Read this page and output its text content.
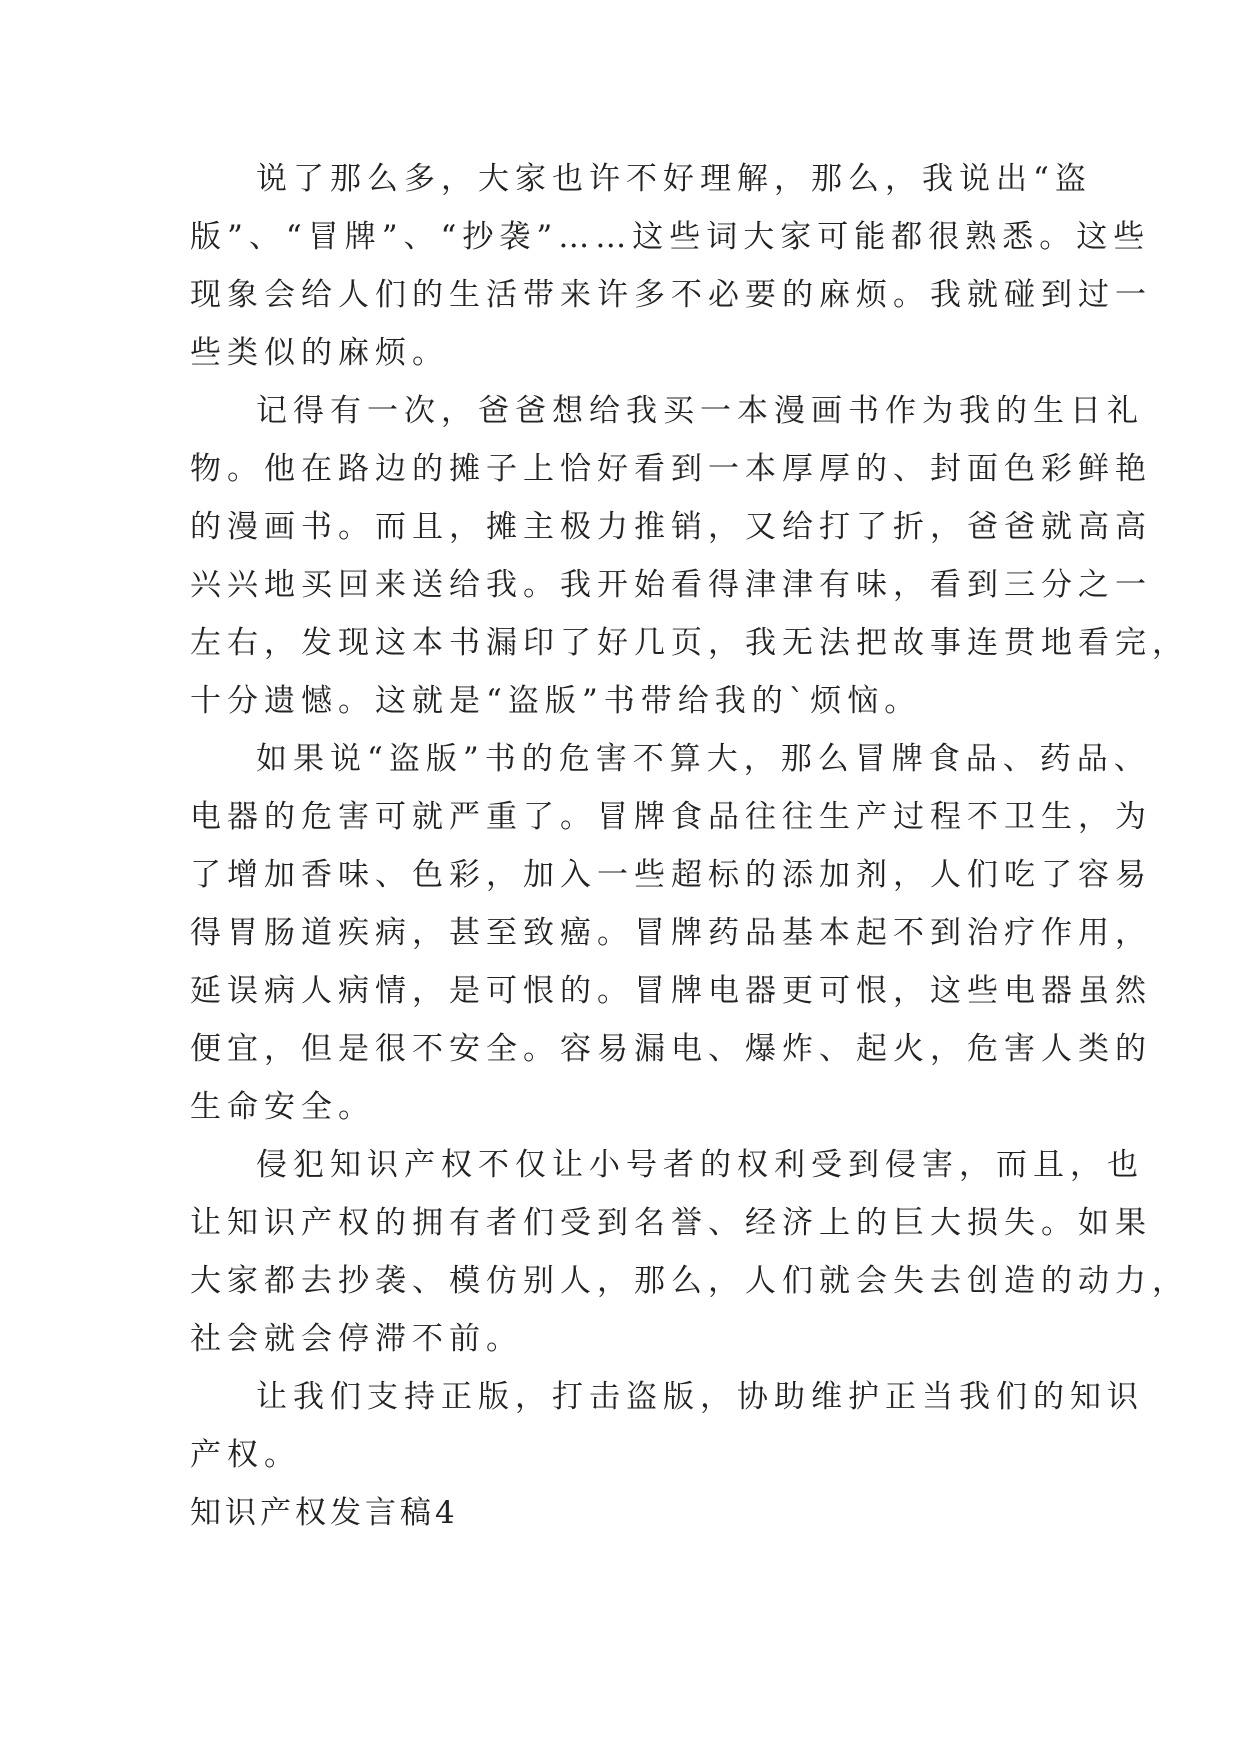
说了那么多，大家也许不好理解，那么，我说出“盗
版”、“冒牌”、“抄袭”……这些词大家可能都很熟悉。这些
现象会给人们的生活带来许多不必要的麻烦。我就碰到过一
些类似的麻烦。
记得有一次，爸爸想给我买一本漫画书作为我的生日礼
物。他在路边的摊子上恰好看到一本厚厚的、封面色彩鲜艳
的漫画书。而且，摊主极力推销，又给打了折，爸爸就高高
兴兴地买回来送给我。我开始看得津津有味，看到三分之一
左右，发现这本书漏印了好几页，我无法把故事连贯地看完，
十分遗憾。这就是“盗版”书带给我的`烦恼。
如果说“盗版”书的危害不算大，那么冒牌食品、药品、
电器的危害可就严重了。冒牌食品往往生产过程不卫生，为
了增加香味、色彩，加入一些超标的添加剂，人们吃了容易
得胃肠道疾病，甚至致癌。冒牌药品基本起不到治疗作用，
延误病人病情，是可恨的。冒牌电器更可恨，这些电器虽然
便宜，但是很不安全。容易漏电、爆炸、起火，危害人类的
生命安全。
侵犯知识产权不仅让小号者的权利受到侵害，而且，也
让知识产权的拥有者们受到名誉、经济上的巨大损失。如果
大家都去抄袭、模仿别人，那么，人们就会失去创造的动力，
社会就会停滞不前。
让我们支持正版，打击盗版，协助维护正当我们的知识
产权。
知识产权发言稿4
